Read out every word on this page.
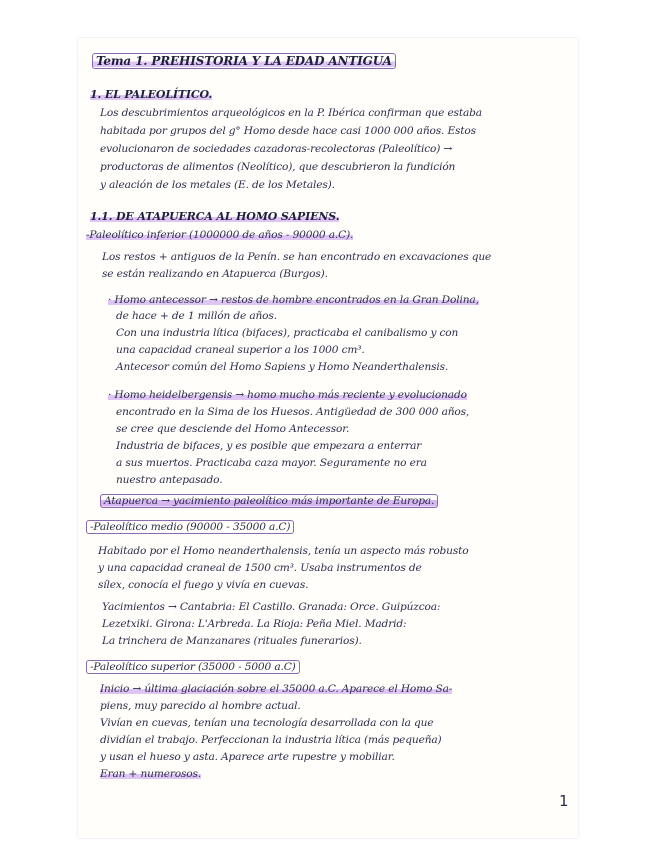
Tema 1. PREHISTORIA Y LA EDAD ANTIGUA
1. EL PALEOLÍTICO.
Los descubrimientos arqueológicos en la P. Ibérica confirman que estaba
habitada por grupos del g° Homo desde hace casi 1000 000 años. Estos
evolucionaron de sociedades cazadoras-recolectoras (Paleolítico) →
productoras de alimentos (Neolítico), que descubrieron la fundición
y aleación de los metales (E. de los Metales).
1.1. DE ATAPUERCA AL HOMO SAPIENS.
-Paleolítico inferior (1000000 de años - 90000 a.C).
Los restos + antiguos de la Penín. se han encontrado en excavaciones que
se están realizando en Atapuerca (Burgos).
· Homo antecessor → restos de hombre encontrados en la Gran Dolina,
de hace + de 1 millón de años.
Con una industria lítica (bifaces), practicaba el canibalismo y con
una capacidad craneal superior a los 1000 cm³.
Antecesor común del Homo Sapiens y Homo Neanderthalensis.
· Homo heidelbergensis → homo mucho más reciente y evolucionado
encontrado en la Sima de los Huesos. Antigüedad de 300 000 años,
se cree que desciende del Homo Antecessor.
Industria de bifaces, y es posible que empezara a enterrar
a sus muertos. Practicaba caza mayor. Seguramente no era
nuestro antepasado.
Atapuerca → yacimiento paleolítico más importante de Europa.
-Paleolítico medio (90000 - 35000 a.C)
Habitado por el Homo neanderthalensis, tenía un aspecto más robusto
y una capacidad craneal de 1500 cm³. Usaba instrumentos de
sílex, conocía el fuego y vivía en cuevas.
Yacimientos → Cantabria: El Castillo. Granada: Orce. Guipúzcoa:
Lezetxiki. Girona: L'Arbreda. La Rioja: Peña Miel. Madrid:
La trinchera de Manzanares (rituales funerarios).
-Paleolítico superior (35000 - 5000 a.C)
Inicio → última glaciación sobre el 35000 a.C. Aparece el Homo Sa-
piens, muy parecido al hombre actual.
Vivían en cuevas, tenían una tecnología desarrollada con la que
dividían el trabajo. Perfeccionan la industria lítica (más pequeña)
y usan el hueso y asta. Aparece arte rupestre y mobiliar.
Eran + numerosos.
1
